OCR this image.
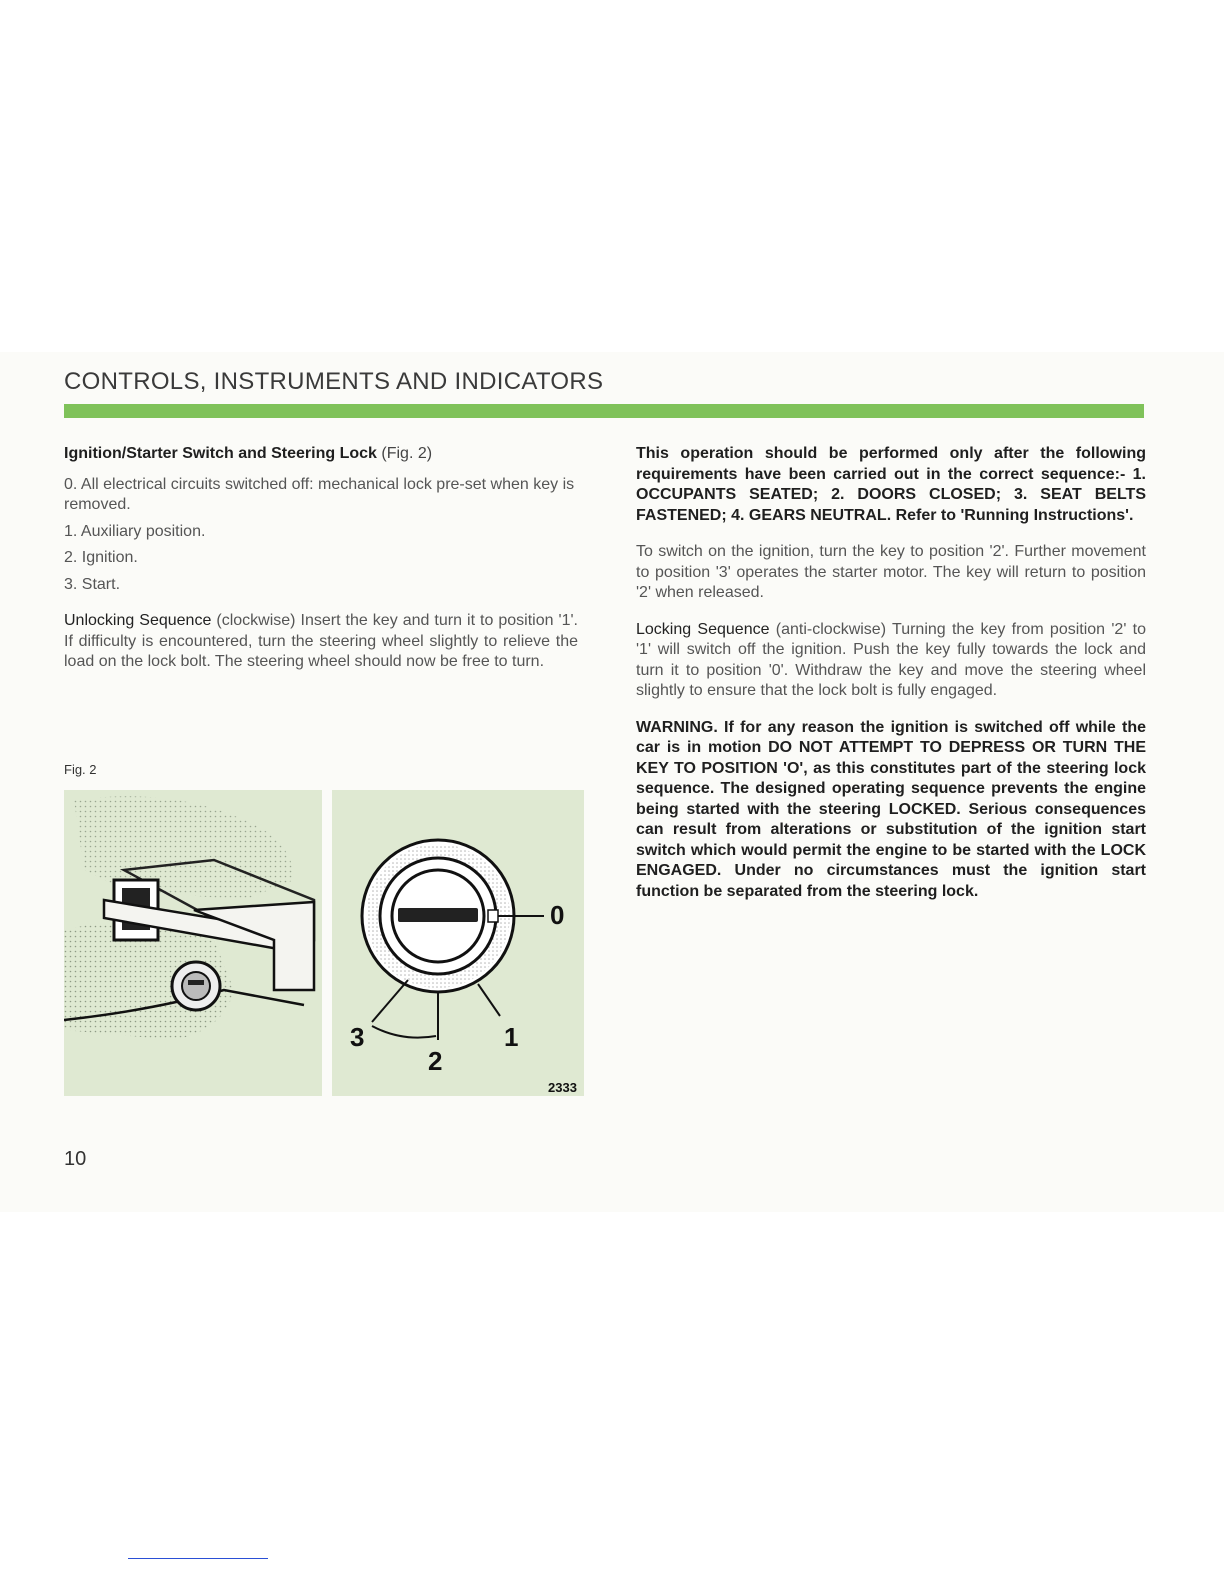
CONTROLS, INSTRUMENTS AND INDICATORS

Ignition/Starter Switch and Steering Lock (Fig. 2)

0. All electrical circuits switched off: mechanical lock pre-set when key is removed.

1. Auxiliary position.

2. Ignition.

3. Start.

Unlocking Sequence (clockwise) Insert the key and turn it to position '1'. If difficulty is encountered, turn the steering wheel slightly to relieve the load on the lock bolt. The steering wheel should now be free to turn.

Fig. 2
0
1
2
3
2333

This operation should be performed only after the following requirements have been carried out in the correct sequence:- 1. OCCUPANTS SEATED; 2. DOORS CLOSED; 3. SEAT BELTS FASTENED; 4. GEARS NEUTRAL. Refer to 'Running Instructions'.

To switch on the ignition, turn the key to position '2'. Further movement to position '3' operates the starter motor. The key will return to position '2' when released.

Locking Sequence (anti-clockwise) Turning the key from position '2' to '1' will switch off the ignition. Push the key fully towards the lock and turn it to position '0'. Withdraw the key and move the steering wheel slightly to ensure that the lock bolt is fully engaged.

WARNING. If for any reason the ignition is switched off while the car is in motion DO NOT ATTEMPT TO DEPRESS OR TURN THE KEY TO POSITION 'O', as this constitutes part of the steering lock sequence. The designed operating sequence prevents the engine being started with the steering LOCKED. Serious consequences can result from alterations or substitution of the ignition start switch which would permit the engine to be started with the LOCK ENGAGED. Under no circumstances must the ignition start function be separated from the steering lock.

10
